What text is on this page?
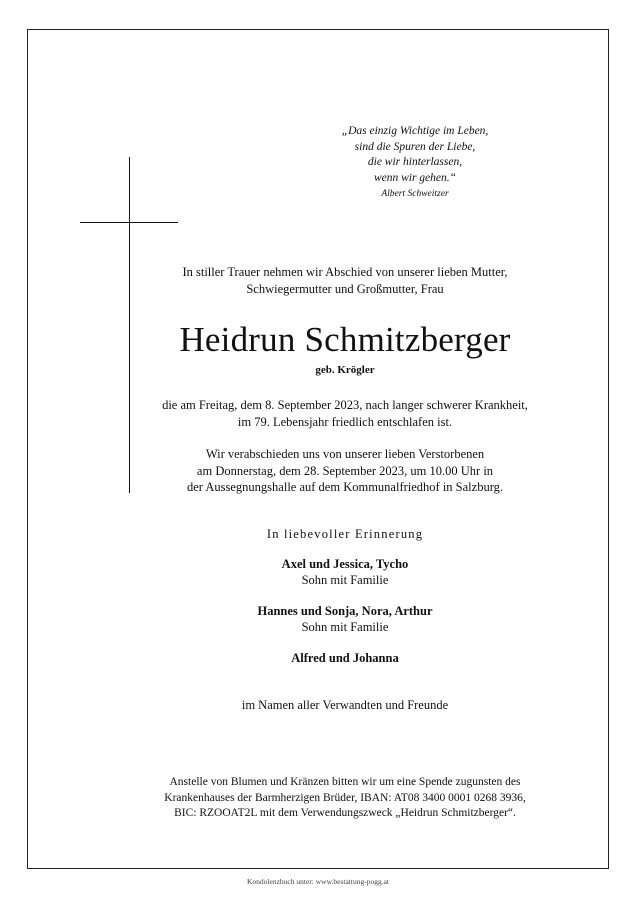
„Das einzig Wichtige im Leben,
sind die Spuren der Liebe,
die wir hinterlassen,
wenn wir gehen.“
Albert Schweitzer
In stiller Trauer nehmen wir Abschied von unserer lieben Mutter,
Schwiegermutter und Großmutter, Frau
Heidrun Schmitzberger
geb. Krögler
die am Freitag, dem 8. September 2023, nach langer schwerer Krankheit,
im 79. Lebensjahr friedlich entschlafen ist.
Wir verabschieden uns von unserer lieben Verstorbenen
am Donnerstag, dem 28. September 2023, um 10.00 Uhr in
der Aussegnungshalle auf dem Kommunalfriedhof in Salzburg.
In liebevoller Erinnerung
Axel und Jessica, Tycho
Sohn mit Familie
Hannes und Sonja, Nora, Arthur
Sohn mit Familie
Alfred und Johanna
im Namen aller Verwandten und Freunde
Anstelle von Blumen und Kränzen bitten wir um eine Spende zugunsten des
Krankenhauses der Barmherzigen Brüder, IBAN: AT08 3400 0001 0268 3936,
BIC: RZOOAT2L mit dem Verwendungszweck „Heidrun Schmitzberger“.
Kondolenzbuch unter: www.bestattung-pogg.at
